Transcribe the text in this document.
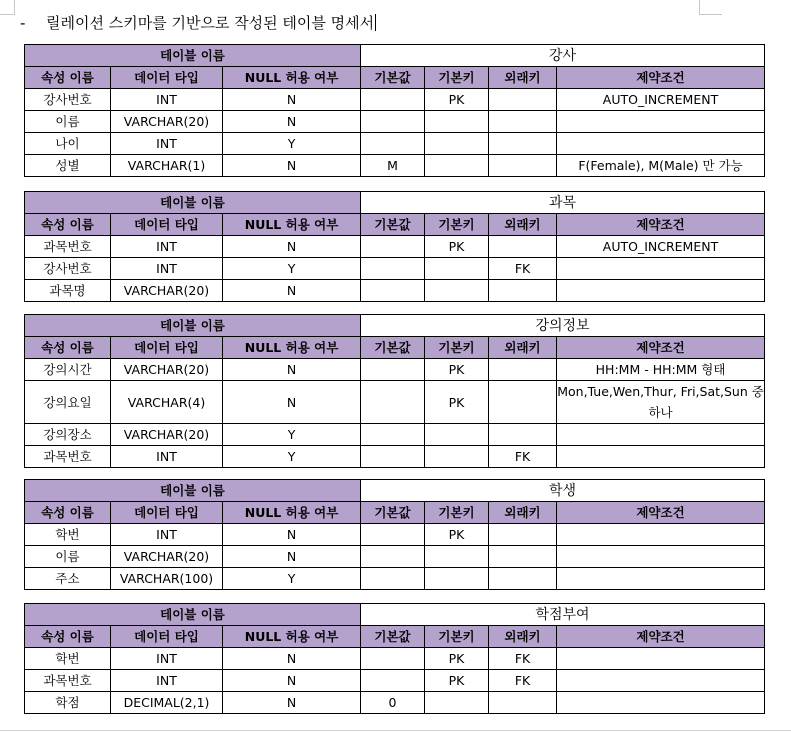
- 릴레이션 스키마를 기반으로 작성된 테이블 명세서
테이블 이름			강사			
속성 이름	데이터 타입	NULL 허용 여부	기본값	기본키	외래키	제약조건
강사번호	INT	N		PK		AUTO_INCREMENT
이름	VARCHAR(20)	N				
나이	INT	Y				
성별	VARCHAR(1)	N	M			F(Female), M(Male) 만 가능
테이블 이름			과목			
속성 이름	데이터 타입	NULL 허용 여부	기본값	기본키	외래키	제약조건
과목번호	INT	N		PK		AUTO_INCREMENT
강사번호	INT	Y			FK	
과목명	VARCHAR(20)	N				
테이블 이름			강의정보			
속성 이름	데이터 타입	NULL 허용 여부	기본값	기본키	외래키	제약조건
강의시간	VARCHAR(20)	N		PK		HH:MM - HH:MM 형태
강의요일	VARCHAR(4)	N		PK		Mon,Tue,Wen,Thur, Fri,Sat,Sun 중 하나
강의장소	VARCHAR(20)	Y				
과목번호	INT	Y			FK	
테이블 이름			학생			
속성 이름	데이터 타입	NULL 허용 여부	기본값	기본키	외래키	제약조건
학번	INT	N		PK		
이름	VARCHAR(20)	N				
주소	VARCHAR(100)	Y				
테이블 이름			학점부여			
속성 이름	데이터 타입	NULL 허용 여부	기본값	기본키	외래키	제약조건
학번	INT	N		PK	FK	
과목번호	INT	N		PK	FK	
학점	DECIMAL(2,1)	N	0			
